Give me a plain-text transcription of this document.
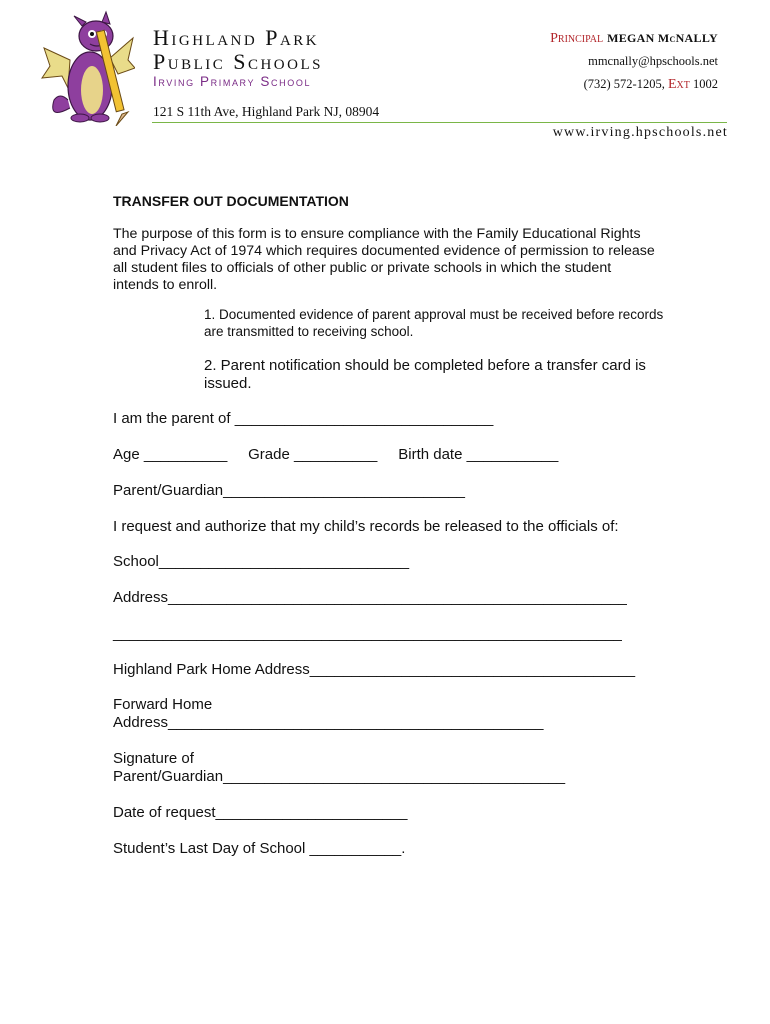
Highland Park
Public Schools
Irving Primary School
121 S 11th Ave, Highland Park NJ, 08904
Principal MEGAN McNALLY
mmcnally@hpschools.net
(732) 572-1205, Ext 1002
www.irving.hpschools.net
TRANSFER OUT DOCUMENTATION
The purpose of this form is to ensure compliance with the Family Educational Rights and Privacy Act of 1974 which requires documented evidence of permission to release all student files to officials of other public or private schools in which the student intends to enroll.
1. Documented evidence of parent approval must be received before records are transmitted to receiving school.
2. Parent notification should be completed before a transfer card is issued.
I am the parent of _______________________________
Age __________     Grade __________     Birth date ___________
Parent/Guardian_____________________________
I request and authorize that my child’s records be released to the officials of:
School______________________________
Address_______________________________________________________
_____________________________________________________________
Highland Park Home Address_______________________________________
Forward Home
Address_____________________________________________
Signature of
Parent/Guardian_________________________________________
Date of request_______________________
Student’s Last Day of School ___________.
